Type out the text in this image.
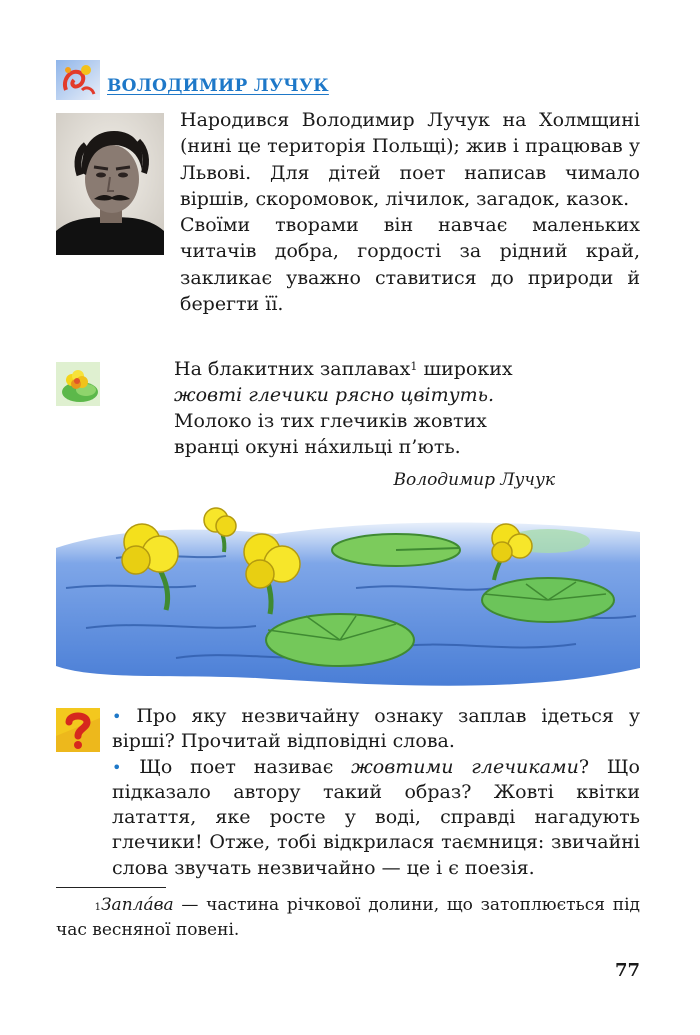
ВОЛОДИМИР ЛУЧУК

Народився Володимир Лучук на Холмщині (нині це територія Польщі); жив і працював у Львові. Для дітей поет написав чимало віршів, скоромовок, лічилок, загадок, казок.

Своїми творами він навчає маленьких читачів добра, гордості за рідний край, закликає уважно ставитися до природи й берегти її.

На блакитних заплавах$^1$ широких
жовті глечики рясно цвітуть.
Молоко із тих глечиків жовтих
вранці окуні нахильці п’ють.
Володимир Лучук

• Про яку незвичайну ознаку заплав ідеться у вірші? Прочитай відповідні слова.

• Що поет називає жовтими глечиками? Що підказало автору такий образ? Жовті квітки латаття, яке росте у воді, справді нагадують глечики! Отже, тобі відкрилася таємниця: звичайні слова звучать незвичайно — це і є поезія.

$^1$Заплáва — частина річкової долини, що затоплюється під час весняної повені.

77
